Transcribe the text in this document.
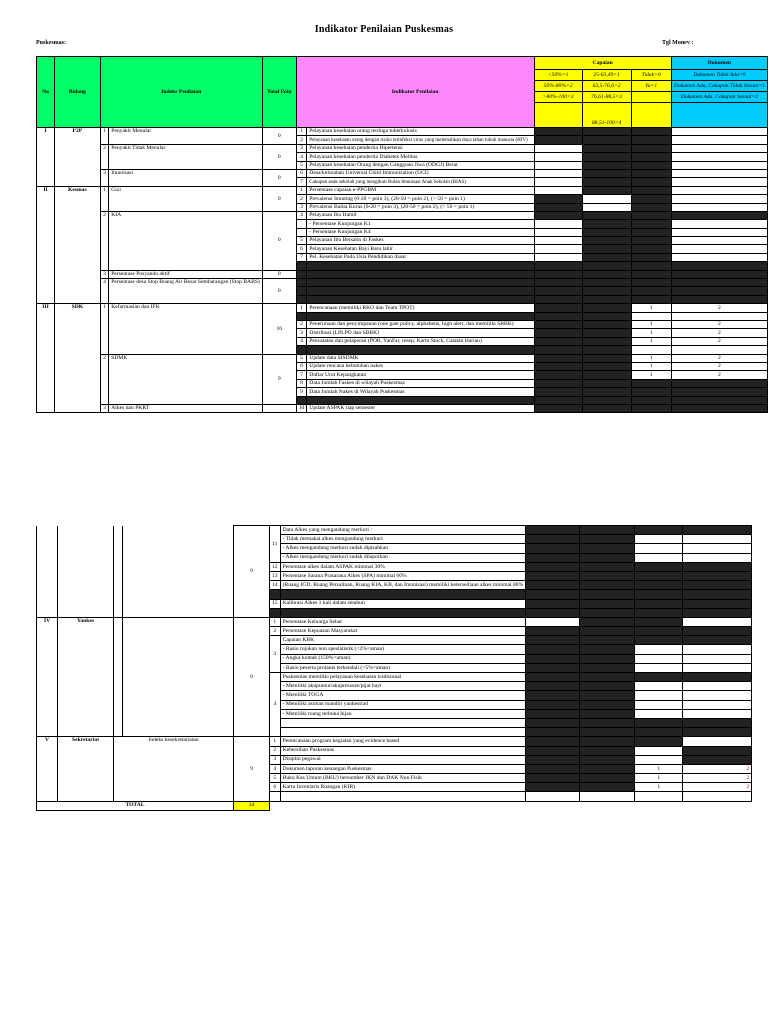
Indikator Penilaian Puskesmas
Puskesmas:	Tgl Monev :
No	Bidang	Indeks Penilaian		Total Poin	Indikator Penilaian		Capaian			Dokumen
							<50%=1	25-63,49=1	Tidak=0	Dokumen Tidak Ada=0
							50%-80%=2	63,5-76,6=2	Ya=1	Dokumen Ada, Cakupan Tidak Sesuai=1
							>80%-100=3	76,61-88,5=3		Dokumen Ada, Cakupan Sesuai=2
								88,51-100=4		
I	P2P	1	Penyakit Menular	0	1	Pelayanan kesehatan orang terduga tuberkulosis				
					2	Pelayanan kesehatan orang dengan risiko terinfeksi virus yang melemahkan daya tahan tubuh manusia (HIV)				
		2	Penyakit Tidak Menular	0	3	Pelayanan kesehatan penderita Hipertensi				
					4	Pelayanan kesehatan penderita Diabetes Melitus				
					5	Pelayanan kesehatan Orang dengan Gangguan Jiwa (ODGJ) Berat				
		3	Imunisasi	0	6	Desa/kelurahan Universal Child Immunization (UCI)				
					7	Cakupan anak sekolah yang mengikuti Bulan Imunisasi Anak Sekolah (BIAS)				
II	Kesmas	1	Gizi	0	1	Persentase capaian e-PPGBM				
					2	Prevalensi Stunting (0-20 = poin 3), (20-50 = poin 2), (> 50 = poin 1)				
					3	Prevalensi Balita Kurus (0-20 = poin 3), (20-50 = poin 2), (> 50 = poin 1)				
		2	KIA	0	4	Pelayanan Ibu Hamil				
						- Persentase Kunjungan K1				
						- Persentase Kunjungan K4				
					5	Pelayanan Ibu Bersalin di Faskes				
					6	Pelayanan Kesehatan Bayi Baru lahir				
					7	Pel. Kesehatan Pada Usia Pendidikan dasar				

		3	Persentase Posyandu aktif	0						
		4	Persentase desa Stop Buang Air Besar Sembarangan (Stop BABS)	0						

III	SDK	1	Kefarmasian dan IFK	16	1	Perencanaan (memiliki RKO dan Team TPOT)			1	2

					2	Penerimaan dan penyimpanan (one gate policy, alphabetis, high alert, dan memiliki SBBK)			1	2

					3	Distribusi (LPLPO dan SBBK)			1	2
					4	Pencatatan dan pelaporan (POR, YanFar, resep, Kartu Stock, Catatan Harian)			1	2

		2	SDMK	9	5	Update data SISDMK			1	2
					6	Update rencana kebutuhan nakes			1	2
					7	Daftar Urut Kepangkatan			1	2
					8	Data Jumlah Faskes di wilayah Puskesmas				
					9	Data Jumlah Nakes di Wilayah Puskesmas				

		3	Alkes dan PKRT		10	Update ASPAK tiap semester				
				0	11	Data Alkes yang mengandung merkuri :				
						- Tidak memakai alkes mengandung merkuri				
						- Alkes mengandung merkuri sudah dipisahkan				
						- Alkes mengandung merkuri sudah dilaporkan				
					12	Persentase alkes dalam ASPAK minimal 30%				
					13	Persentase Sarana Prasarana Alkes (SPA) minimal 60%				
					14	(Ruang IGD, Ruang Persalinan, Ruang KIA, KB, dan Imunisasi) memiliki ketersediaan alkes minimal 80%				

					15	Kalibrasi Alkes 1 kali dalam setahun				

IV	Yankes			0	1	Persentase Keluarga Sehat				
					2	Persentase Kepuasan Masyarakat				
					3	Capaian KBK				
						- Rasio rujukan non spesialistik (<2%=aman)				
						- Angka kontak (150%=aman)				
						- Rasio peserta prolanis terkendali (>5%=aman)				
					4	Puskesmas memiliki pelayanan kesehatan tradisional				
						- Memiliki akupuntur/akupressure/pijat bayi				
						- Memiliki TOGA				
						- Memiliki asuhan mandiri yankestrad				
						- Memiliki ruang terbuka hijau				

V	Sekretariat	Indeks kesekretariatan		9	1	Perencanaan program kegiatan yang evidence based				
					2	Kebersihan Puskesmas				
					3	Disiplin pegawai				
					4	Dokumen laporan keuangan Puskesmas			1	2
					5	Buku Kas Umum (BKU) bersumber JKN dan DAK Non Fisik			1	2
					6	Kartu Inventaris Ruangan (KIR)			1	2

TOTAL				34						
